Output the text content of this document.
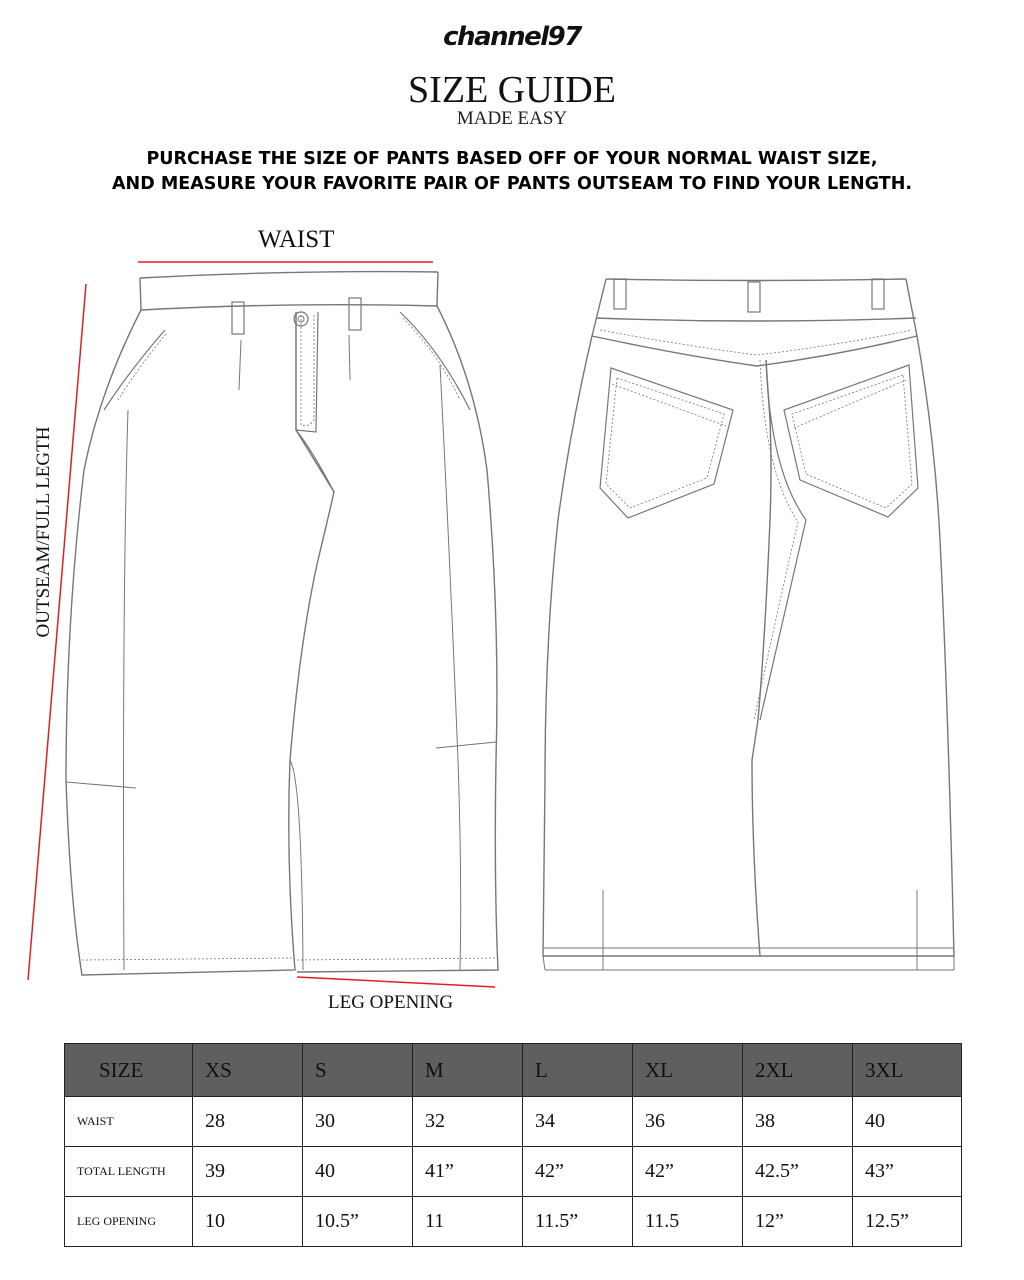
channel97
SIZE GUIDE
MADE EASY
PURCHASE THE SIZE OF PANTS BASED OFF OF YOUR NORMAL WAIST SIZE,
AND MEASURE YOUR FAVORITE PAIR OF PANTS OUTSEAM TO FIND YOUR LENGTH.
WAIST
OUTSEAM/FULL LEGTH
LEG OPENING
SIZE	XS	S	M	L	XL	2XL	3XL
WAIST	28	30	32	34	36	38	40
TOTAL LENGTH	39	40	41”	42”	42”	42.5”	43”
LEG OPENING	10	10.5”	11	11.5”	11.5	12”	12.5”
